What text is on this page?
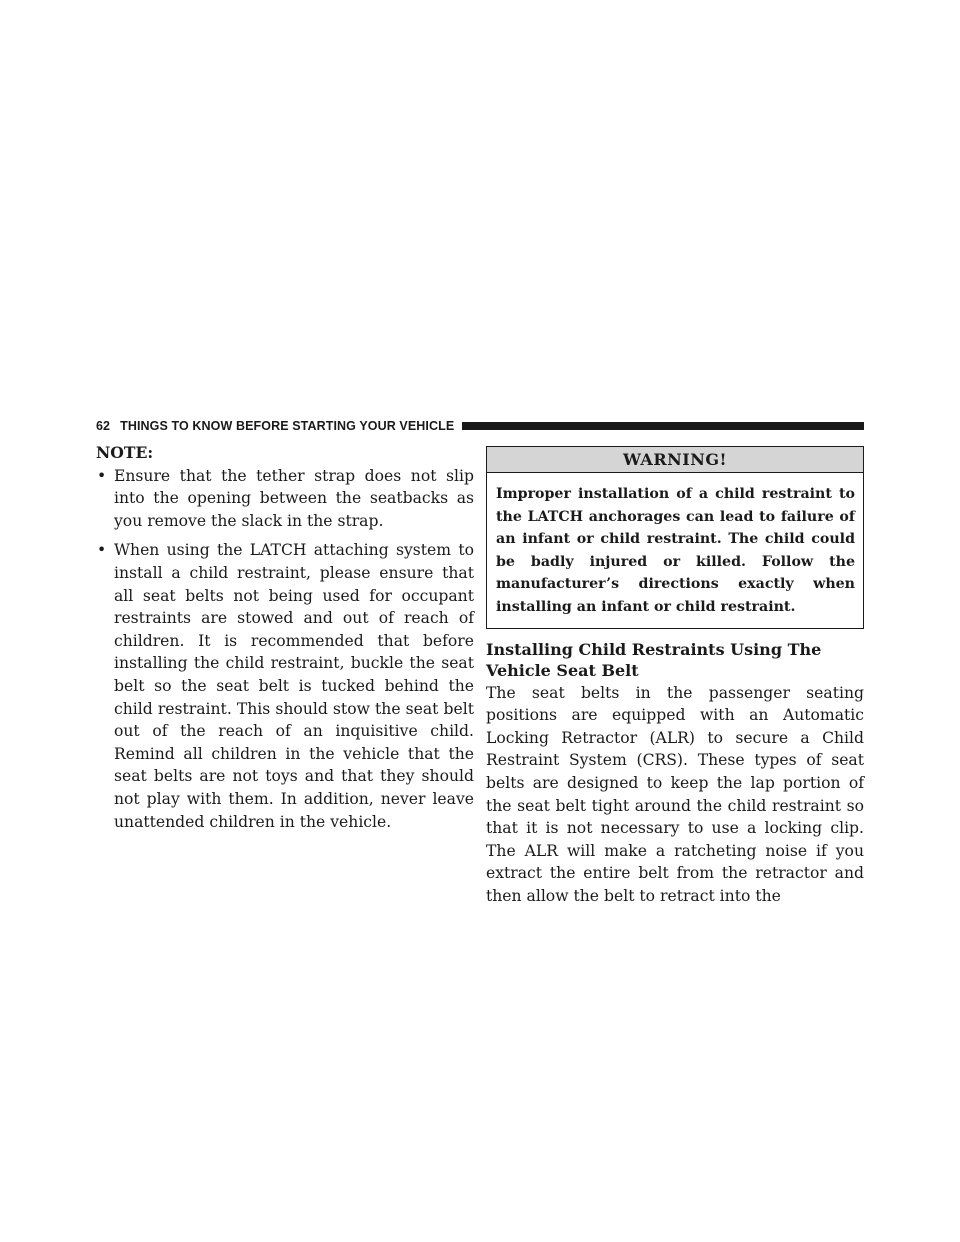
62 THINGS TO KNOW BEFORE STARTING YOUR VEHICLE

NOTE:

• Ensure that the tether strap does not slip into the opening between the seatbacks as you remove the slack in the strap.
• When using the LATCH attaching system to install a child restraint, please ensure that all seat belts not being used for occupant restraints are stowed and out of reach of children. It is recommended that before installing the child restraint, buckle the seat belt so the seat belt is tucked behind the child restraint. This should stow the seat belt out of the reach of an inquisitive child. Remind all children in the vehicle that the seat belts are not toys and that they should not play with them. In addition, never leave unattended children in the vehicle.
WARNING!
Improper installation of a child restraint to the LATCH anchorages can lead to failure of an infant or child restraint. The child could be badly injured or killed. Follow the manufacturer’s directions exactly when installing an infant or child restraint.
Installing Child Restraints Using The Vehicle Seat Belt

The seat belts in the passenger seating positions are equipped with an Automatic Locking Retractor (ALR) to secure a Child Restraint System (CRS). These types of seat belts are designed to keep the lap portion of the seat belt tight around the child restraint so that it is not necessary to use a locking clip. The ALR will make a ratcheting noise if you extract the entire belt from the retractor and then allow the belt to retract into the
